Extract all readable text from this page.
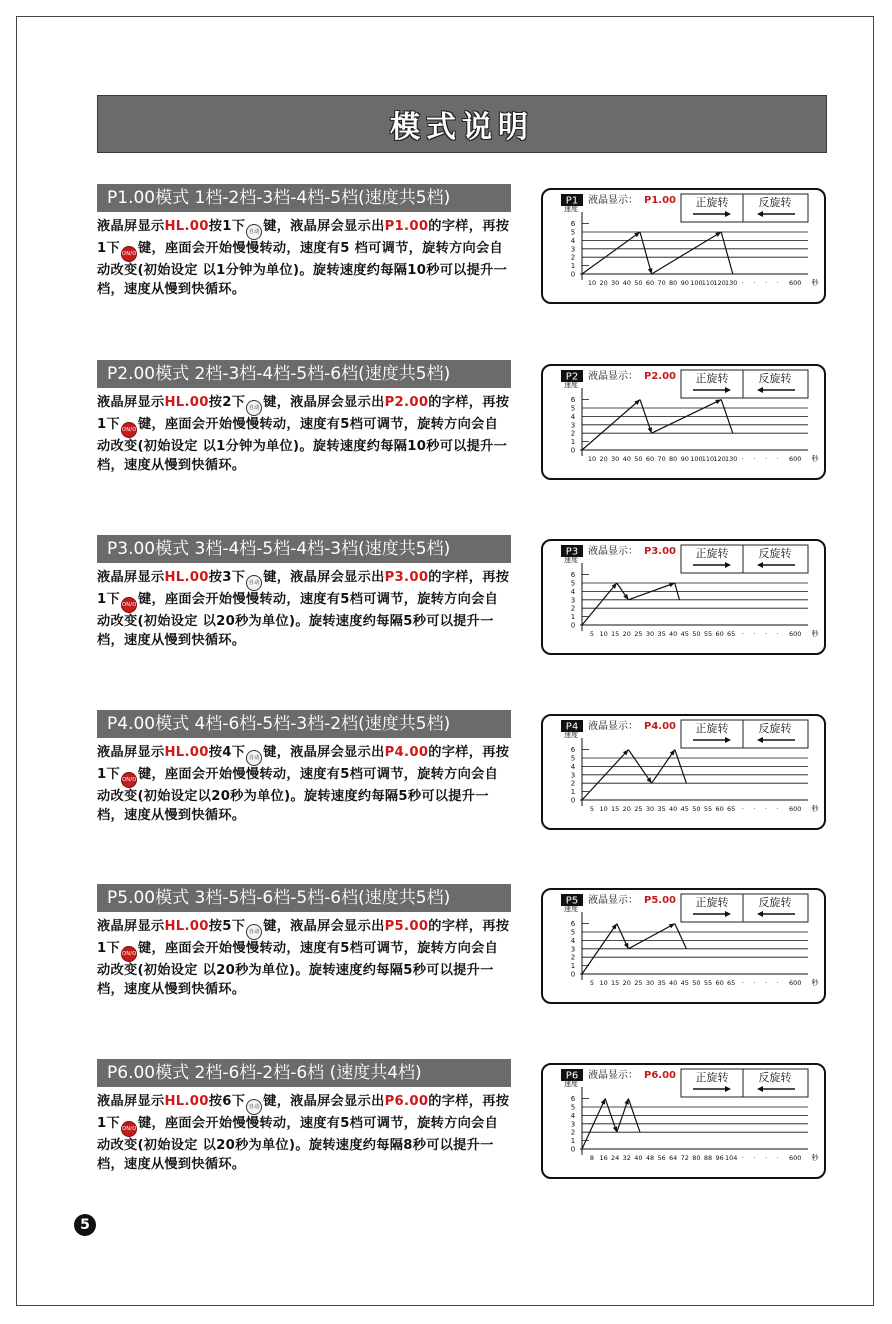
模式说明
P1.00模式 1档-2档-3档-4档-5档(速度共5档)
液晶屏显示HL.00按1下 自动 键，液晶屏会显示出P1.00的字样，再按1下 ON/OFF键，座面会开始慢慢转动，速度有5 档可调节，旋转方向会自动改变(初始设定 以1分钟为单位)。旋转速度约每隔10秒可以提升一档，速度从慢到快循环。
P1 液晶显示： P1.00 正旋转	反旋转
速度
0
1
2
3
4
5
6
10 20 30 40 50 60 70 80 90 100 110 120 130 · · · · 600 秒
P2.00模式 2档-3档-4档-5档-6档(速度共5档)
液晶屏显示HL.00按2下 自动 键，液晶屏会显示出P2.00的字样，再按1下 ON/OFF键，座面会开始慢慢转动，速度有5档可调节，旋转方向会自动改变(初始设定 以1分钟为单位)。旋转速度约每隔10秒可以提升一档，速度从慢到快循环。
P2 液晶显示： P2.00 正旋转	反旋转
速度
0
1
2
3
4
5
6
10 20 30 40 50 60 70 80 90 100 110 120 130 · · · · 600 秒
P3.00模式 3档-4档-5档-4档-3档(速度共5档)
液晶屏显示HL.00按3下 自动 键，液晶屏会显示出P3.00的字样，再按1下 ON/OFF键，座面会开始慢慢转动，速度有5档可调节，旋转方向会自动改变(初始设定 以20秒为单位)。旋转速度约每隔5秒可以提升一档，速度从慢到快循环。
P3 液晶显示： P3.00 正旋转	反旋转
速度
0
1
2
3
4
5
6
5 10 15 20 25 30 35 40 45 50 55 60 65 · · · · 600 秒
P4.00模式 4档-6档-5档-3档-2档(速度共5档)
液晶屏显示HL.00按4下 自动 键，液晶屏会显示出P4.00的字样，再按1下 ON/OFF键，座面会开始慢慢转动，速度有5档可调节，旋转方向会自动改变(初始设定以20秒为单位)。旋转速度约每隔5秒可以提升一档，速度从慢到快循环。
P4 液晶显示： P4.00 正旋转	反旋转
速度
0
1
2
3
4
5
6
5 10 15 20 25 30 35 40 45 50 55 60 65 · · · · 600 秒
P5.00模式 3档-5档-6档-5档-6档(速度共5档)
液晶屏显示HL.00按5下 自动 键，液晶屏会显示出P5.00的字样，再按1下 ON/OFF键，座面会开始慢慢转动，速度有5档可调节，旋转方向会自动改变(初始设定 以20秒为单位)。旋转速度约每隔5秒可以提升一档，速度从慢到快循环。
P5 液晶显示： P5.00 正旋转	反旋转
速度
0
1
2
3
4
5
6
5 10 15 20 25 30 35 40 45 50 55 60 65 · · · · 600 秒
P6.00模式 2档-6档-2档-6档 (速度共4档)
液晶屏显示HL.00按6下 自动 键，液晶屏会显示出P6.00的字样，再按1下 ON/OFF键，座面会开始慢慢转动，速度有5档可调节，旋转方向会自动改变(初始设定 以20秒为单位)。旋转速度约每隔8秒可以提升一档，速度从慢到快循环。
P6 液晶显示： P6.00 正旋转	反旋转
速度
0
1
2
3
4
5
6
8 16 24 32 40 48 56 64 72 80 88 96 104 · · · · 600 秒
5
